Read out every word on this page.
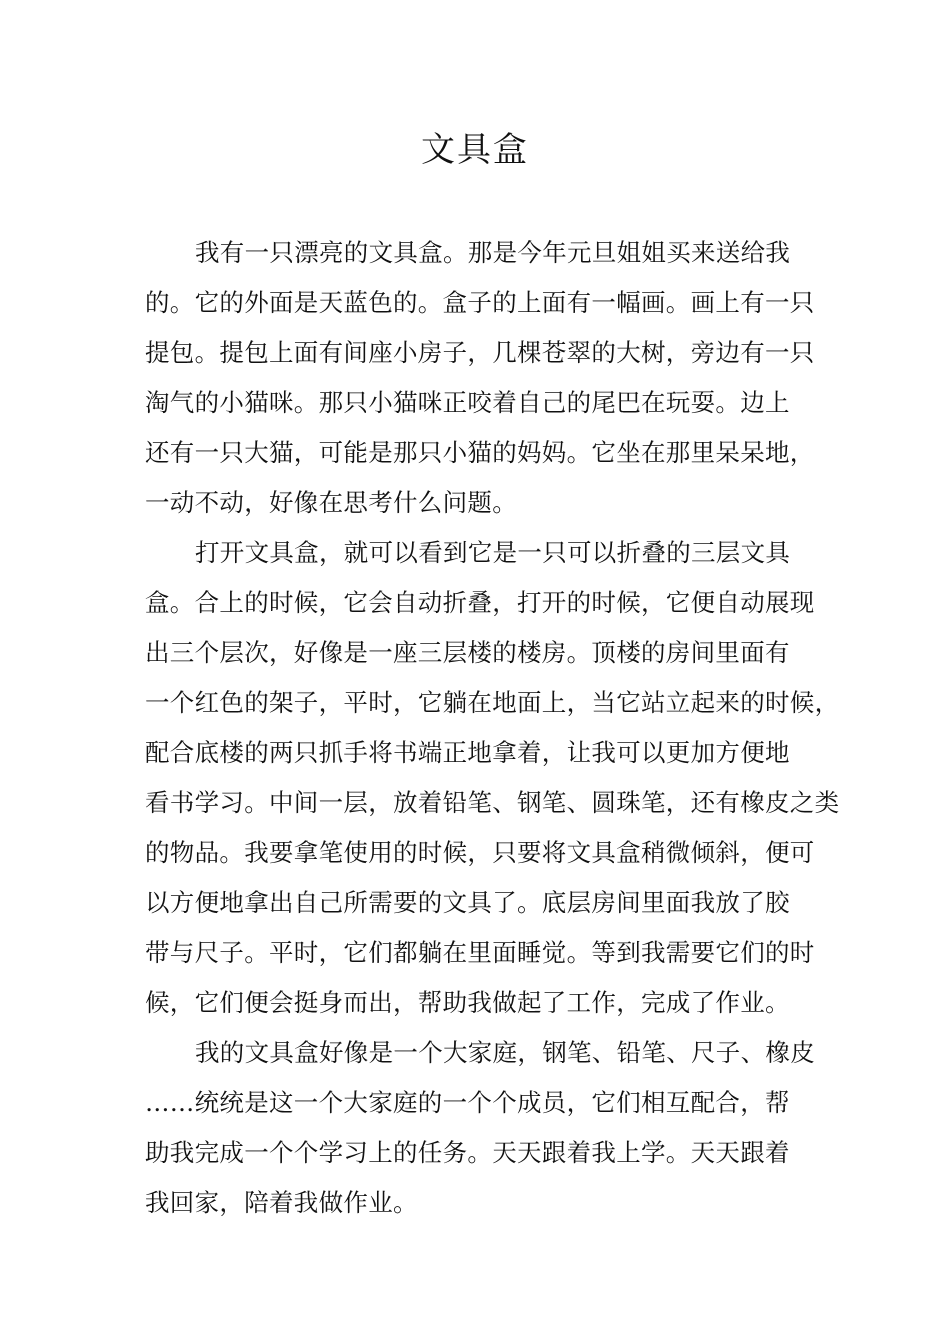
文具盒
我有一只漂亮的文具盒。那是今年元旦姐姐买来送给我
的。它的外面是天蓝色的。盒子的上面有一幅画。画上有一只
提包。提包上面有间座小房子，几棵苍翠的大树，旁边有一只
淘气的小猫咪。那只小猫咪正咬着自己的尾巴在玩耍。边上
还有一只大猫，可能是那只小猫的妈妈。它坐在那里呆呆地，
一动不动，好像在思考什么问题。
打开文具盒，就可以看到它是一只可以折叠的三层文具
盒。合上的时候，它会自动折叠，打开的时候，它便自动展现
出三个层次，好像是一座三层楼的楼房。顶楼的房间里面有
一个红色的架子，平时，它躺在地面上，当它站立起来的时候，
配合底楼的两只抓手将书端正地拿着，让我可以更加方便地
看书学习。中间一层，放着铅笔、钢笔、圆珠笔，还有橡皮之类
的物品。我要拿笔使用的时候，只要将文具盒稍微倾斜，便可
以方便地拿出自己所需要的文具了。底层房间里面我放了胶
带与尺子。平时，它们都躺在里面睡觉。等到我需要它们的时
候，它们便会挺身而出，帮助我做起了工作，完成了作业。
我的文具盒好像是一个大家庭，钢笔、铅笔、尺子、橡皮
……统统是这一个大家庭的一个个成员，它们相互配合，帮
助我完成一个个学习上的任务。天天跟着我上学。天天跟着
我回家，陪着我做作业。
